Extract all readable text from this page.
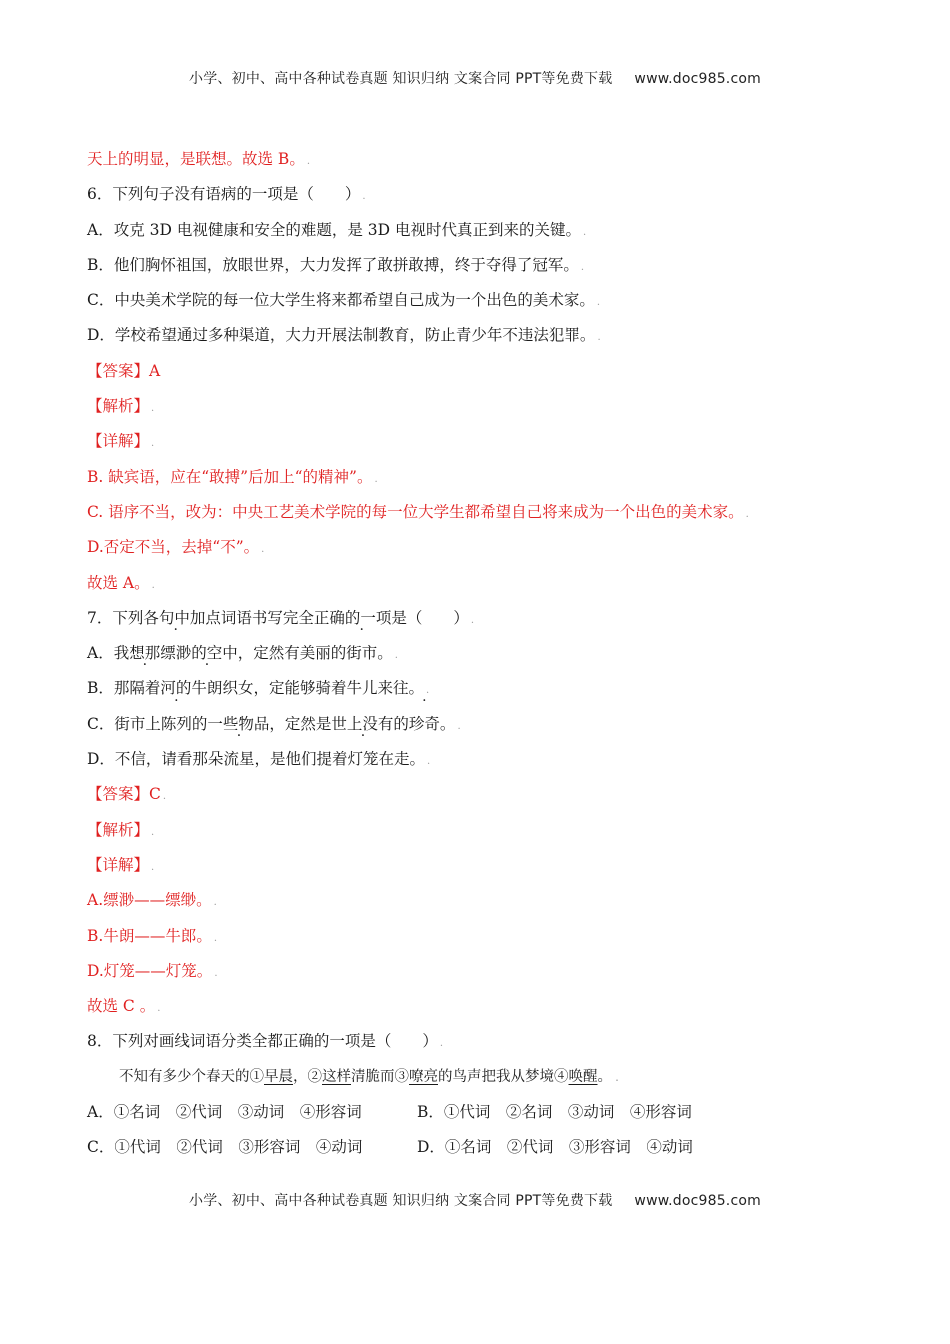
小学、初中、高中各种试卷真题 知识归纳 文案合同 PPT等免费下载 www.doc985.com
天上的明显，是联想。故选 B。 .
6．下列句子没有语病的一项是（　　） .
A．攻克 3D 电视健康和安全的难题，是 3D 电视时代真正到来的关键。 .
B．他们胸怀祖国，放眼世界，大力发挥了敢拼敢搏，终于夺得了冠军。 .
C．中央美术学院的每一位大学生将来都希望自己成为一个出色的美术家。 .
D．学校希望通过多种渠道，大力开展法制教育，防止青少年不违法犯罪。 .
【答案】A
【解析】 .
【详解】 .
B. 缺宾语，应在“敢搏”后加上“的精神”。 .
C. 语序不当，改为：中央工艺美术学院的每一位大学生都希望自己将来成为一个出色的美术家。 .
D.否定不当，去掉“不”。 .
故选 A。 .
7．下列各句中加点词语书写完全正确的一项是（　　） .
A．我想那缥渺的空中，定然有美丽的街市。 .
B．那隔着河的牛朗织女，定能够骑着牛儿来往。 .
C．街市上陈列的一些物品，定然是世上没有的珍奇。 .
D．不信，请看那朵流星，是他们提着灯笼在走。 .
【答案】C .
【解析】 .
【详解】 .
A.缥渺——缥缈。 .
B.牛朗——牛郎。 .
D.灯笼——灯笼。 .
故选 C 。 .
8．下列对画线词语分类全都正确的一项是（　　） .
不知有多少个春天的①早晨，②这样清脆而③嘹亮的鸟声把我从梦境④唤醒。 .
A．①名词　②代词　③动词　④形容词	B．①代词　②名词　③动词　④形容词
C．①代词　②代词　③形容词　④动词	D．①名词　②代词　③形容词　④动词
小学、初中、高中各种试卷真题 知识归纳 文案合同 PPT等免费下载 www.doc985.com
